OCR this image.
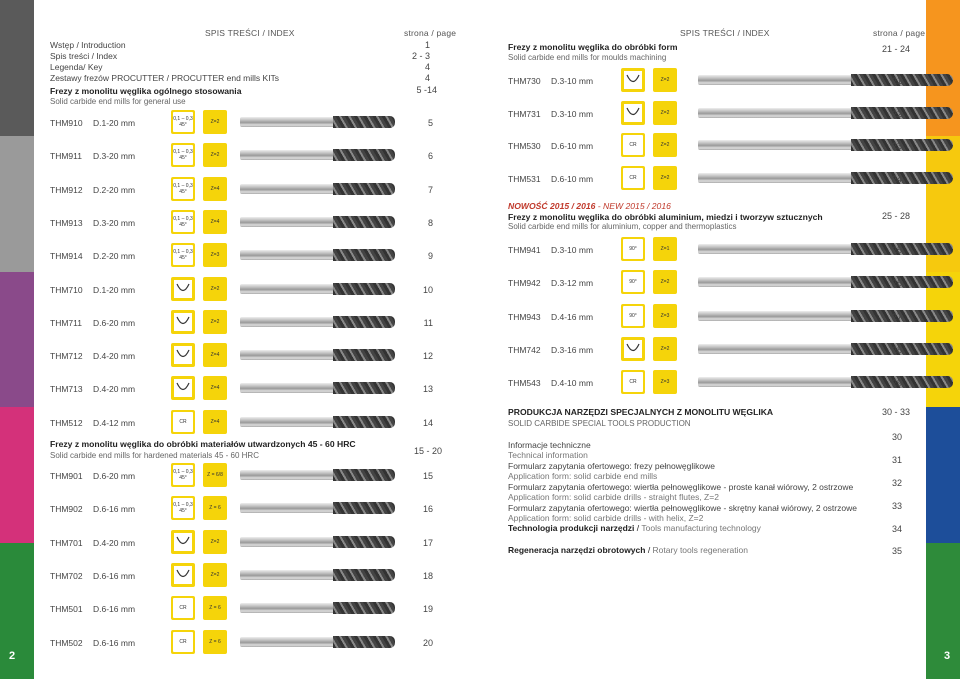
2	3
SPIS TREŚCI / INDEX	strona / page
Wstęp / Introduction	1
Spis treści / Index	2 - 3
Legenda/ Key	4
Zestawy frezów PROCUTTER / PROCUTTER end mills KITs	4
Frezy z monolitu węglika ogólnego stosowania
Solid carbide end mills for general use
5 -14
THM910 D.1-20 mm	0,1 – 0,3 45°	Z=2	5
THM911 D.3-20 mm	0,1 – 0,3 45°	Z=2	6
THM912 D.2-20 mm	0,1 – 0,3 45°	Z=4	7
THM913 D.3-20 mm	0,1 – 0,3 45°	Z=4	8
THM914 D.2-20 mm	0,1 – 0,3 45°	Z=3	9
THM710 D.1-20 mm	Z=2	10
THM711 D.6-20 mm	Z=2	11
THM712 D.4-20 mm	Z=4	12
THM713 D.4-20 mm	Z=4	13
THM512 D.4-12 mm	CR	Z=4	14
Frezy z monolitu węglika do obróbki materiałów utwardzonych 45 - 60 HRC
Solid carbide end mills for hardened materials 45 - 60 HRC	15 - 20
THM901 D.6-20 mm	0,1 – 0,3 45°	Z = 6/8	15
THM902 D.6-16 mm	0,1 – 0,3 45°	Z = 6	16
THM701 D.4-20 mm	Z=2	17
THM702 D.6-16 mm	Z=2	18
THM501 D.6-16 mm	CR	Z = 6	19
THM502 D.6-16 mm	CR	Z = 6	20
SPIS TREŚCI / INDEX	strona / page
Frezy z monolitu węglika do obróbki form
Solid carbide end mills for moulds machining
21 - 24
THM730 D.3-10 mm	Z=2	21
THM731 D.3-10 mm	Z=2	22
THM530 D.6-10 mm	CR	Z=2	23
THM531 D.6-10 mm	CR	Z=2	24
NOWOŚĆ 2015 / 2016 - NEW 2015 / 2016
Frezy z monolitu węglika do obróbki aluminium, miedzi i tworzyw sztucznych
Solid carbide end mills for aluminium, copper and thermoplastics
25 - 28
THM941 D.3-10 mm	90°	Z=1	25
THM942 D.3-12 mm	90°	Z=2	26
THM943 D.4-16 mm	90°	Z=3	27
THM742 D.3-16 mm	Z=2	28
THM543 D.4-10 mm	CR	Z=3	29
PRODUKCJA NARZĘDZI SPECJALNYCH Z MONOLITU WĘGLIKA
SOLID CARBIDE SPECIAL TOOLS PRODUCTION
30 - 33
Informacje techniczne
Technical information
30
Formularz zapytania ofertowego: frezy pełnowęglikowe
Application form: solid carbide end mills
31
Formularz zapytania ofertowego: wiertła pełnowęglikowe - proste kanał wiórowy, 2 ostrzowe
Application form: solid carbide drills - straight flutes, Z=2
32
Formularz zapytania ofertowego: wiertła pełnowęglikowe - skrętny kanał wiórowy, 2 ostrzowe
Application form: solid carbide drills - with helix, Z=2
33
Technologia produkcji narzędzi / Tools manufacturing technology	34
Regeneracja narzędzi obrotowych / Rotary tools regeneration	35
